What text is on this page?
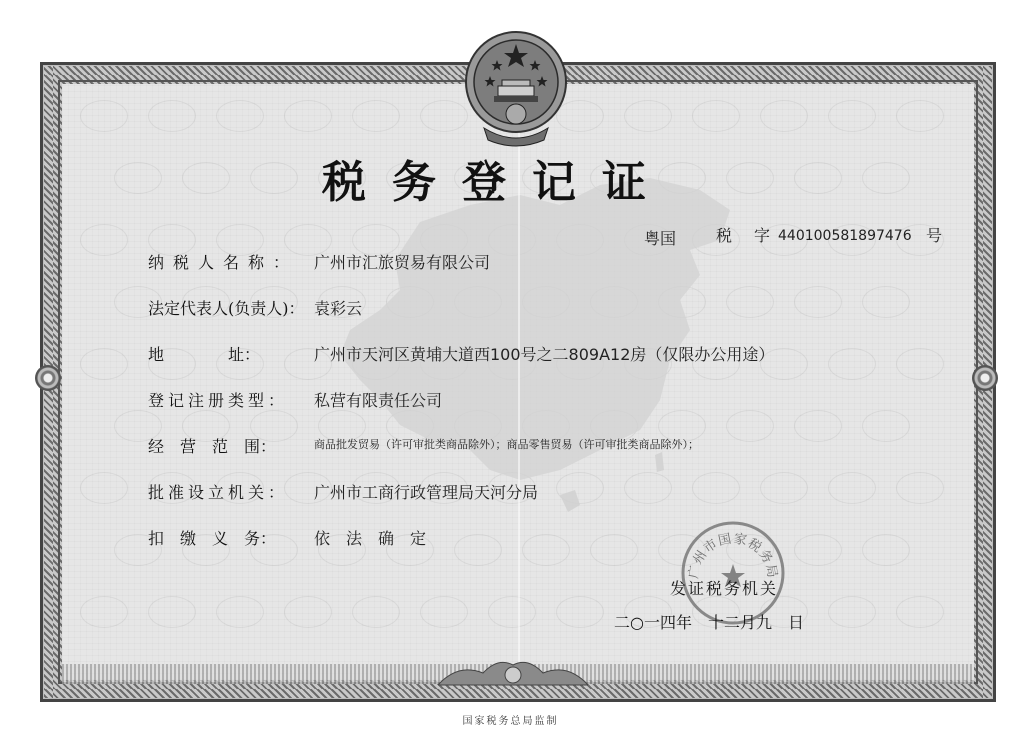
税务登记证
粤国 税 字 440100581897476 号
纳税人名称： 广州市汇旅贸易有限公司
法定代表人(负责人)： 袁彩云
地　　　　址：	广州市天河区黄埔大道西100号之二809A12房（仅限办公用途）
登记注册类型： 私营有限责任公司
经　营　范　围：	商品批发贸易（许可审批类商品除外）；商品零售贸易（许可审批类商品除外）；
批准设立机关： 广州市工商行政管理局天河分局
扣　缴　义　务： 依　法　确　定
广州市国家税务局
发证税务机关
二○一四年　十二月九　日
国家税务总局监制
